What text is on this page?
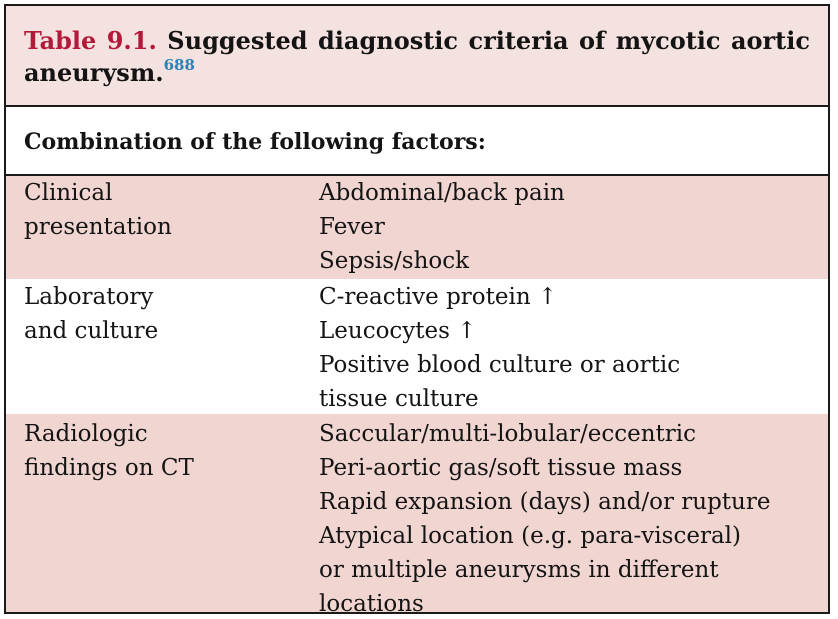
Table 9.1. Suggested diagnostic criteria of mycotic aortic aneurysm.$^{688}$
Combination of the following factors:
Clinical
presentation
Abdominal/back pain
Fever
Sepsis/shock
Laboratory
and culture
C-reactive protein ↑
Leucocytes ↑
Positive blood culture or aortic
tissue culture
Radiologic
findings on CT
Saccular/multi-lobular/eccentric
Peri-aortic gas/soft tissue mass
Rapid expansion (days) and/or rupture
Atypical location (e.g. para-visceral)
or multiple aneurysms in different
locations
